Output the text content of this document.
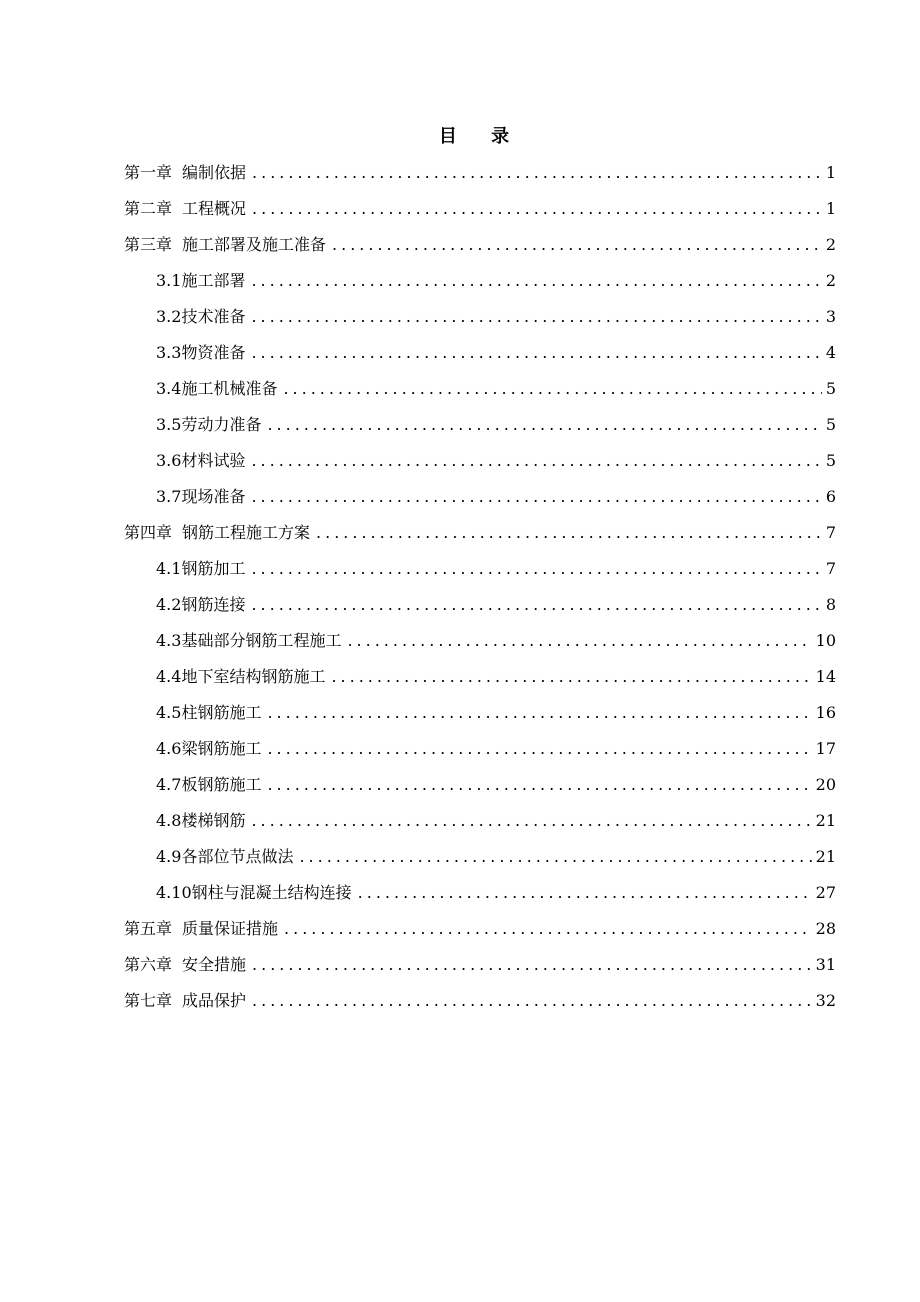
目 录
第一章 编制依据 .....	1
第二章 工程概况 .....	1
第三章 施工部署及施工准备 .....	2
3.1施工部署 .....	2
3.2技术准备 .....	3
3.3物资准备 .....	4
3.4施工机械准备 .....	5
3.5劳动力准备 .....	5
3.6材料试验 .....	5
3.7现场准备 .....	6
第四章 钢筋工程施工方案 .....	7
4.1钢筋加工 .....	7
4.2钢筋连接 .....	8
4.3基础部分钢筋工程施工 .....	10
4.4地下室结构钢筋施工 .....	14
4.5柱钢筋施工 .....	16
4.6梁钢筋施工 .....	17
4.7板钢筋施工 .....	20
4.8楼梯钢筋 .....	21
4.9各部位节点做法 .....	21
4.10钢柱与混凝土结构连接 .....	27
第五章 质量保证措施 .....	28
第六章 安全措施 .....	31
第七章 成品保护 .....	32
